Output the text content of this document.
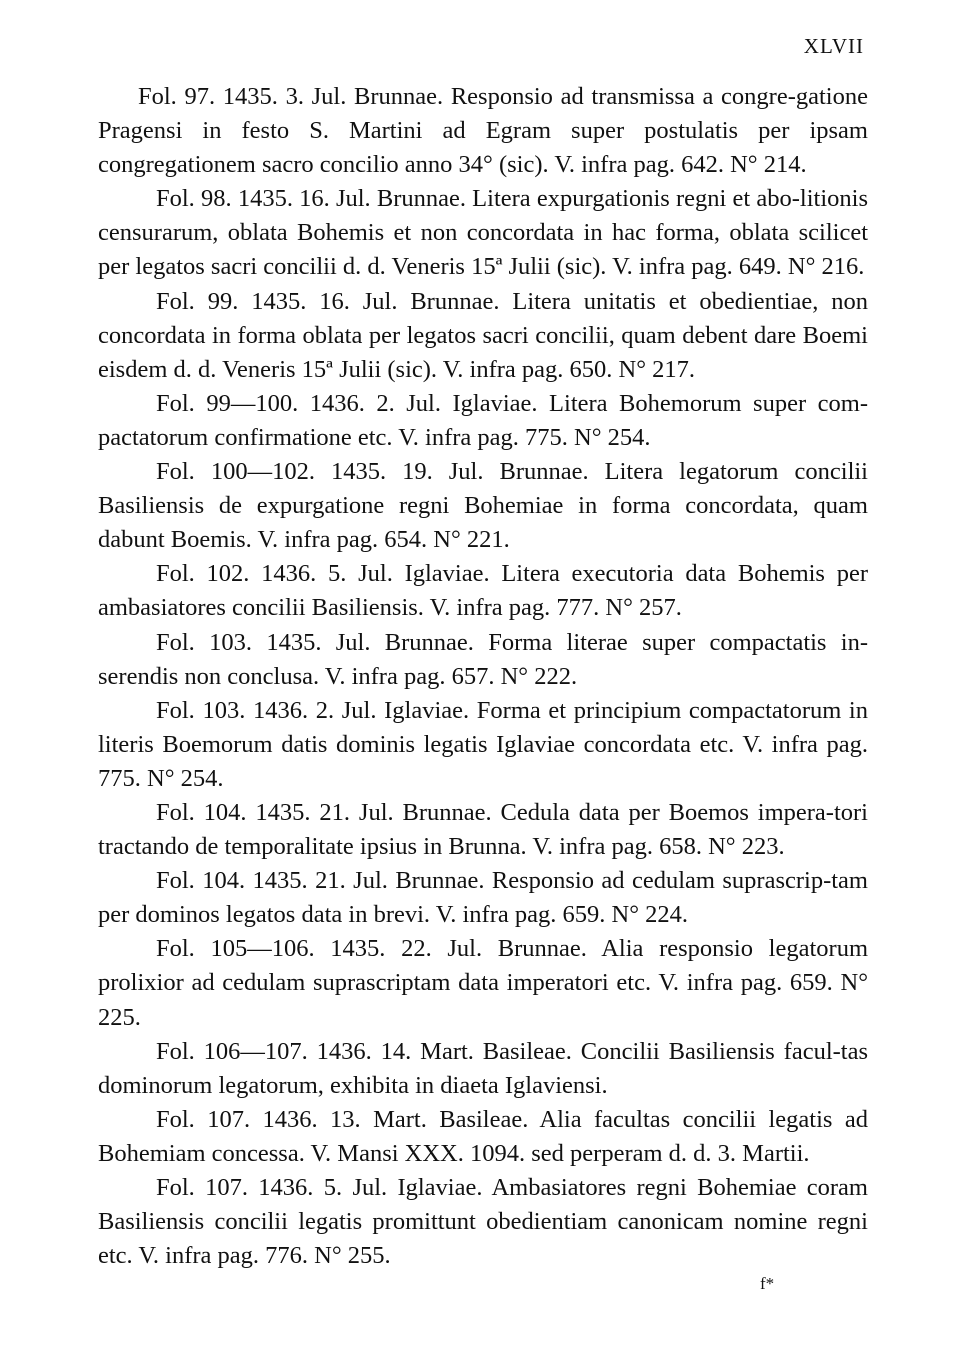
XLVII

Fol. 97. 1435. 3. Jul. Brunnae. Responsio ad transmissa a congre-gatione Pragensi in festo S. Martini ad Egram super postulatis per ipsam congregationem sacro concilio anno 34° (sic). V. infra pag. 642. N° 214.

Fol. 98. 1435. 16. Jul. Brunnae. Litera expurgationis regni et abo-litionis censurarum, oblata Bohemis et non concordata in hac forma, oblata scilicet per legatos sacri concilii d. d. Veneris 15ª Julii (sic). V. infra pag. 649. N° 216.

Fol. 99. 1435. 16. Jul. Brunnae. Litera unitatis et obedientiae, non concordata in forma oblata per legatos sacri concilii, quam debent dare Boemi eisdem d. d. Veneris 15ª Julii (sic). V. infra pag. 650. N° 217.

Fol. 99—100. 1436. 2. Jul. Iglaviae. Litera Bohemorum super com-pactatorum confirmatione etc. V. infra pag. 775. N° 254.

Fol. 100—102. 1435. 19. Jul. Brunnae. Litera legatorum concilii Basiliensis de expurgatione regni Bohemiae in forma concordata, quam dabunt Boemis. V. infra pag. 654. N° 221.

Fol. 102. 1436. 5. Jul. Iglaviae. Litera executoria data Bohemis per ambasiatores concilii Basiliensis. V. infra pag. 777. N° 257.

Fol. 103. 1435. Jul. Brunnae. Forma literae super compactatis in-serendis non conclusa. V. infra pag. 657. N° 222.

Fol. 103. 1436. 2. Jul. Iglaviae. Forma et principium compactatorum in literis Boemorum datis dominis legatis Iglaviae concordata etc. V. infra pag. 775. N° 254.

Fol. 104. 1435. 21. Jul. Brunnae. Cedula data per Boemos impera-tori tractando de temporalitate ipsius in Brunna. V. infra pag. 658. N° 223.

Fol. 104. 1435. 21. Jul. Brunnae. Responsio ad cedulam suprascrip-tam per dominos legatos data in brevi. V. infra pag. 659. N° 224.

Fol. 105—106. 1435. 22. Jul. Brunnae. Alia responsio legatorum prolixior ad cedulam suprascriptam data imperatori etc. V. infra pag. 659. N° 225.

Fol. 106—107. 1436. 14. Mart. Basileae. Concilii Basiliensis facul-tas dominorum legatorum, exhibita in diaeta Iglaviensi.

Fol. 107. 1436. 13. Mart. Basileae. Alia facultas concilii legatis ad Bohemiam concessa. V. Mansi XXX. 1094. sed perperam d. d. 3. Martii.

Fol. 107. 1436. 5. Jul. Iglaviae. Ambasiatores regni Bohemiae coram Basiliensis concilii legatis promittunt obedientiam canonicam nomine regni etc. V. infra pag. 776. N° 255.

f*
